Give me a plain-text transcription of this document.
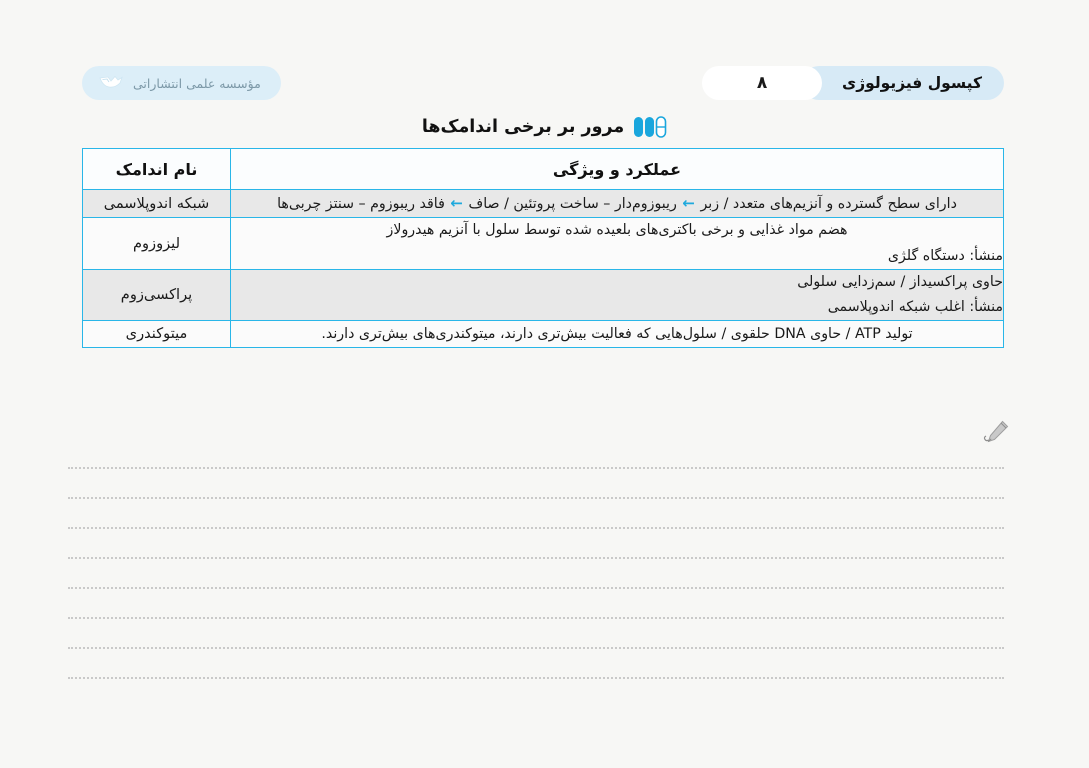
کپسول فیزیولوژی
۸
مؤسسه علمی انتشاراتی
مرور بر برخی اندامک‌ها
عملکرد و ویژگی	نام اندامک

دارای سطح گسترده و آنزیم‌های متعدد / زبر ← ریبوزوم‌دار – ساخت پروتئین / صاف ← فاقد ریبوزوم – سنتز چربی‌ها	شبکه اندوپلاسمی

هضم مواد غذایی و برخی باکتری‌های بلعیده شده توسط سلول با آنزیم هیدرولاز
منشأ: دستگاه گلژی	لیزوزوم

حاوی پراکسیداز / سم‌زدایی سلولی
منشأ: اغلب شبکه اندوپلاسمی	پراکسی‌زوم

تولید ATP / حاوی DNA حلقوی / سلول‌هایی که فعالیت بیش‌تری دارند، میتوکندری‌های بیش‌تری دارند.	میتوکندری
